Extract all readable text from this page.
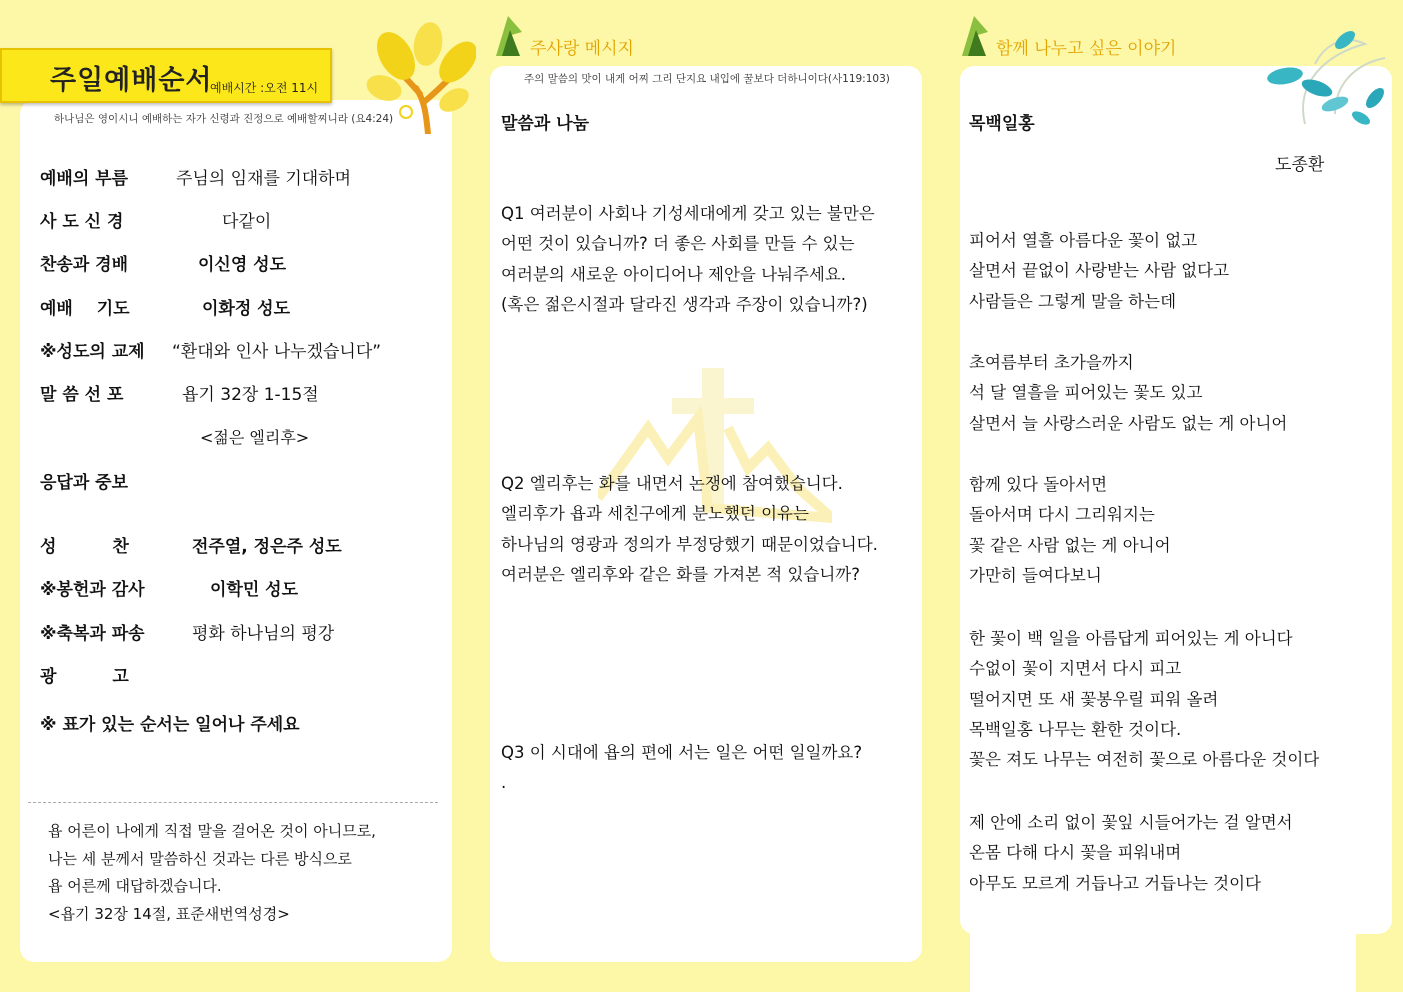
주일예배순서
예배시간 :오전 11시
하나님은 영이시니 예배하는 자가 신령과 진정으로 예배할찌니라 (요4:24)
예배의 부름	주님의 임재를 기대하며
사 도 신 경	다같이
찬송과 경배	이신영 성도
예배 기도	이화정 성도
※성도의 교제 “환대와 인사 나누겠습니다”
말 씀 선 포	욥기 32장 1-15절
<젊은 엘리후>
응답과 중보
성 찬	전주열, 정은주 성도
※봉헌과 감사	이학민 성도
※축복과 파송	평화 하나님의 평강
광 고
※ 표가 있는 순서는 일어나 주세요
욥 어른이 나에게 직접 말을 걸어온 것이 아니므로,
나는 세 분께서 말씀하신 것과는 다른 방식으로
욥 어른께 대답하겠습니다.
<욥기 32장 14절, 표준새번역성경>
주사랑 메시지
주의 말씀의 맛이 내게 어찌 그리 단지요 내입에 꿀보다 더하니이다(사119:103)
말씀과 나눔
Q1 여러분이 사회나 기성세대에게 갖고 있는 불만은
어떤 것이 있습니까? 더 좋은 사회를 만들 수 있는
여러분의 새로운 아이디어나 제안을 나눠주세요.
(혹은 젊은시절과 달라진 생각과 주장이 있습니까?)
Q2 엘리후는 화를 내면서 논쟁에 참여했습니다.
엘리후가 욥과 세친구에게 분노했던 이유는
하나님의 영광과 정의가 부정당했기 때문이었습니다.
여러분은 엘리후와 같은 화를 가져본 적 있습니까?
Q3 이 시대에 욥의 편에 서는 일은 어떤 일일까요?
.
함께 나누고 싶은 이야기
목백일홍
도종환
피어서 열흘 아름다운 꽃이 없고
살면서 끝없이 사랑받는 사람 없다고
사람들은 그렇게 말을 하는데
초여름부터 초가을까지
석 달 열흘을 피어있는 꽃도 있고
살면서 늘 사랑스러운 사람도 없는 게 아니어
함께 있다 돌아서면
돌아서며 다시 그리워지는
꽃 같은 사람 없는 게 아니어
가만히 들여다보니
한 꽃이 백 일을 아름답게 피어있는 게 아니다
수없이 꽃이 지면서 다시 피고
떨어지면 또 새 꽃봉우릴 피워 올려
목백일홍 나무는 환한 것이다.
꽃은 져도 나무는 여전히 꽃으로 아름다운 것이다
제 안에 소리 없이 꽃잎 시들어가는 걸 알면서
온몸 다해 다시 꽃을 피워내며
아무도 모르게 거듭나고 거듭나는 것이다
